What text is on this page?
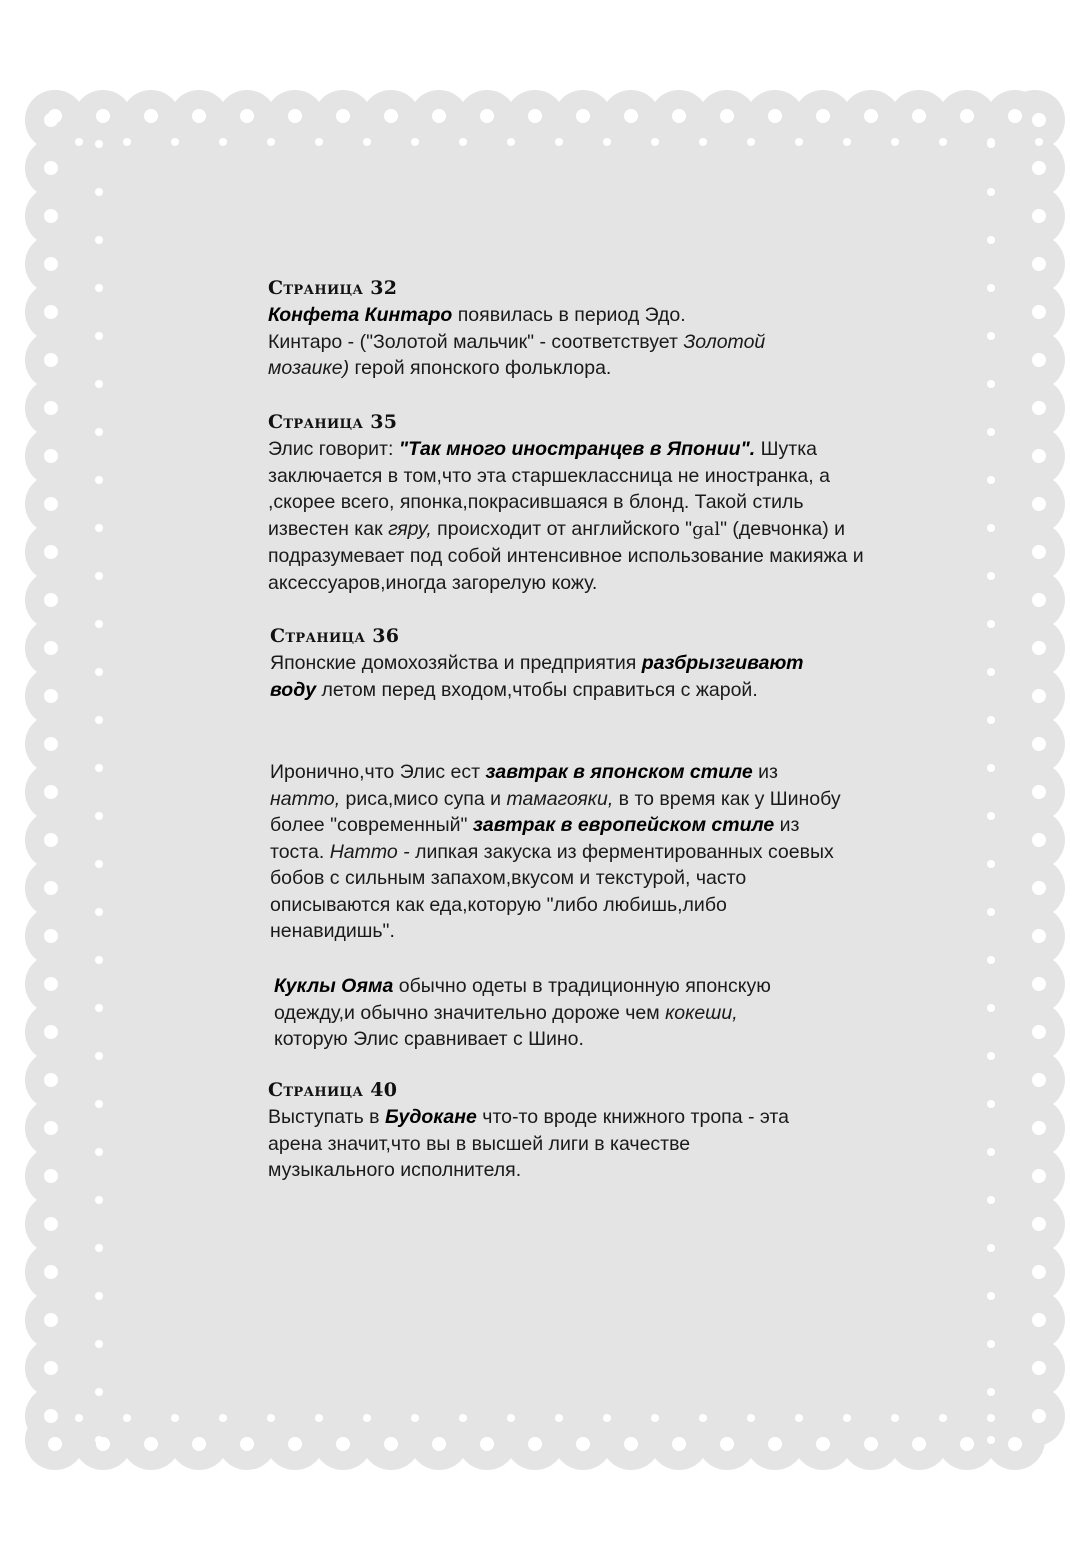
Страница 32

Конфета Кинтаро появилась в период Эдо.
Кинтаро - ("Золотой мальчик" - соответствует Золотой мозаике) герой японского фольклора.

Страница 35

Элис говорит: "Так много иностранцев в Японии". Шутка заключается в том,что эта старшеклассница не иностранка, а ,скорее всего, японка,покрасившаяся в блонд. Такой стиль известен как гяру, происходит от английского "gal" (девчонка) и подразумевает под собой интенсивное использование макияжа и аксессуаров,иногда загорелую кожу.

Страница 36

Японские домохозяйства и предприятия разбрызгивают воду летом перед входом,чтобы справиться с жарой.

Иронично,что Элис ест завтрак в японском стиле из натто, риса,мисо супа и тамагояки, в то время как у Шинобу более "современный" завтрак в европейском стиле из тоста. Натто - липкая закуска из ферментированных соевых бобов с сильным запахом,вкусом и текстурой, часто описываются как еда,которую "либо любишь,либо ненавидишь".

Куклы Ояма обычно одеты в традиционную японскую одежду,и обычно значительно дороже чем кокеши, которую Элис сравнивает с Шино.

Страница 40

Выступать в Будокане что-то вроде книжного тропа - эта арена значит,что вы в высшей лиги в качестве музыкального исполнителя.
